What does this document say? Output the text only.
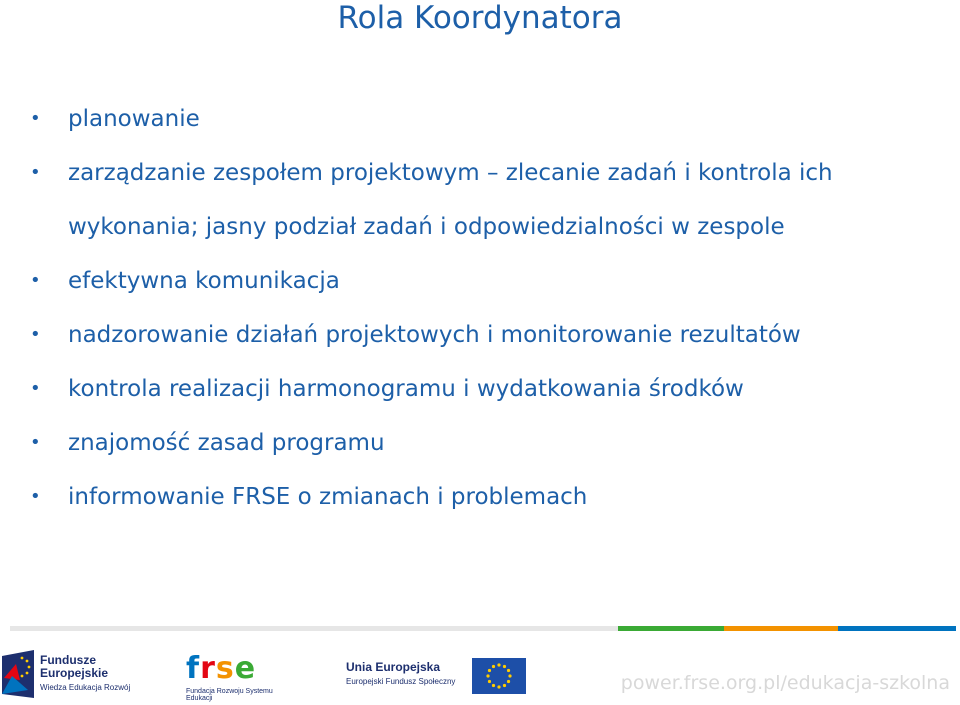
Rola Koordynatora
• planowanie
• zarządzanie zespołem projektowym – zlecanie zadań i kontrola ich
wykonania; jasny podział zadań i odpowiedzialności w zespole
• efektywna komunikacja
• nadzorowanie działań projektowych i monitorowanie rezultatów
• kontrola realizacji harmonogramu i wydatkowania środków
• znajomość zasad programu
• informowanie FRSE o zmianach i problemach
Fundusze
Europejskie
Wiedza Edukacja Rozwój
frse
Fundacja Rozwoju Systemu Edukacji
Unia Europejska
Europejski Fundusz Społeczny	power.frse.org.pl/edukacja-szkolna
